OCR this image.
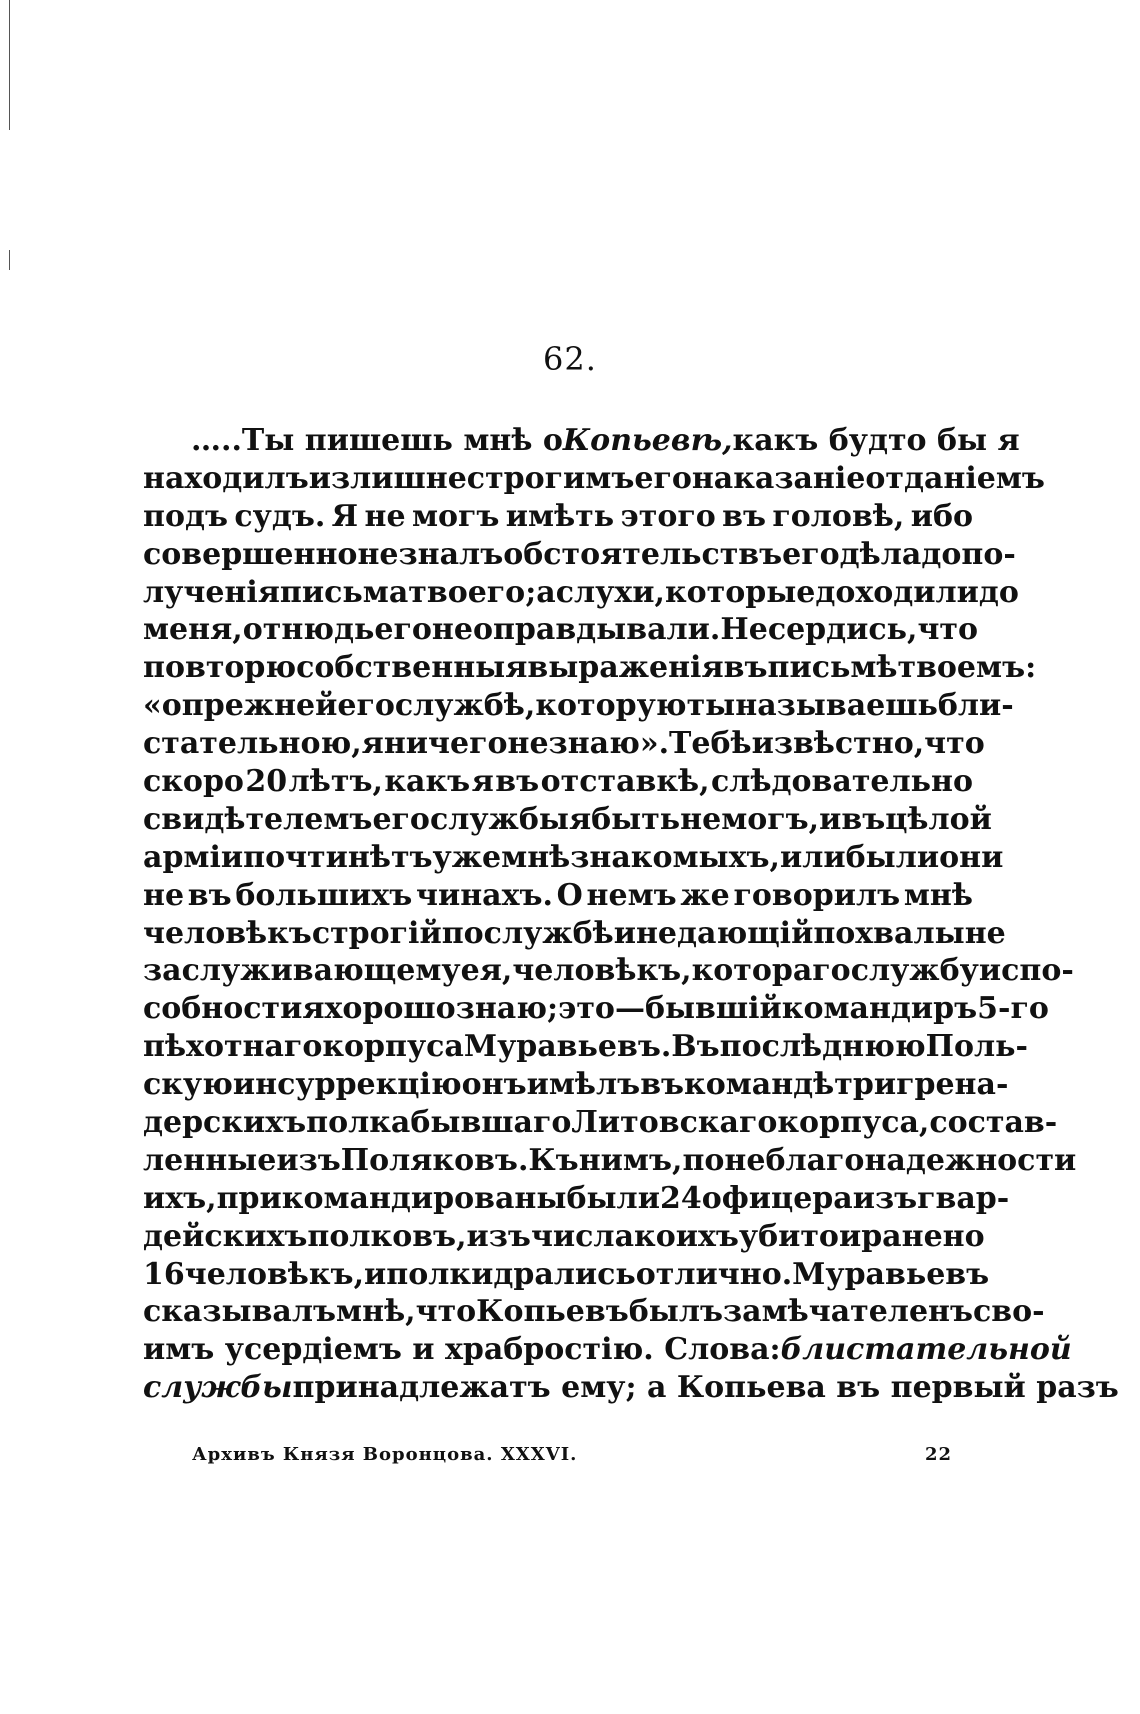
62.
…..Ты пишешь мнѣ о Копьевѣ, какъ будто бы я
находилъ излишне строгимъ его наказаніе отданіемъ
подъ судъ. Я не могъ имѣть этого въ головѣ, ибо
совершенно не зналъ обстоятельствъ его дѣла до по-
лученія письма твоего; а слухи, которые доходили до
меня, отнюдь его не оправдывали. Не сердись, что
повторю собственныя выраженія въ письмѣ твоемъ:
«о прежней его службѣ, которую ты называешь бли-
стательною, я ничего не знаю». Тебѣ извѣстно, что
скоро 20 лѣтъ, какъ я въ отставкѣ, слѣдовательно
свидѣтелемъ его службы я быть не могъ, и въ цѣлой
арміи почти нѣтъ уже мнѣ знакомыхъ, или были они
не въ большихъ чинахъ. О немъ же говорилъ мнѣ
человѣкъ строгій по службѣ и не дающій похвалы не
заслуживающему ея, человѣкъ, котораго службу и спо-
собности я хорошо знаю; это — бывшій командиръ 5-го
пѣхотнаго корпуса Муравьевъ. Въ послѣднюю Поль-
скую инсуррекцію онъ имѣлъ въ командѣ три грена-
дерскихъ полка бывшаго Литовскаго корпуса, состав-
ленные изъ Поляковъ. Къ нимъ, по неблагонадежности
ихъ, прикомандированы были 24 офицера изъ гвар-
дейскихъ полковъ, изъ числа коихъ убито и ранено
16 человѣкъ, и полки дрались отлично. Муравьевъ
сказывалъ мнѣ, что Копьевъ былъ замѣчателенъ сво-
имъ усердіемъ и храбростію. Слова: блистательной
службы принадлежатъ ему; а Копьева въ первый разъ
Архивъ Князя Воронцова. XXXVI.	22
